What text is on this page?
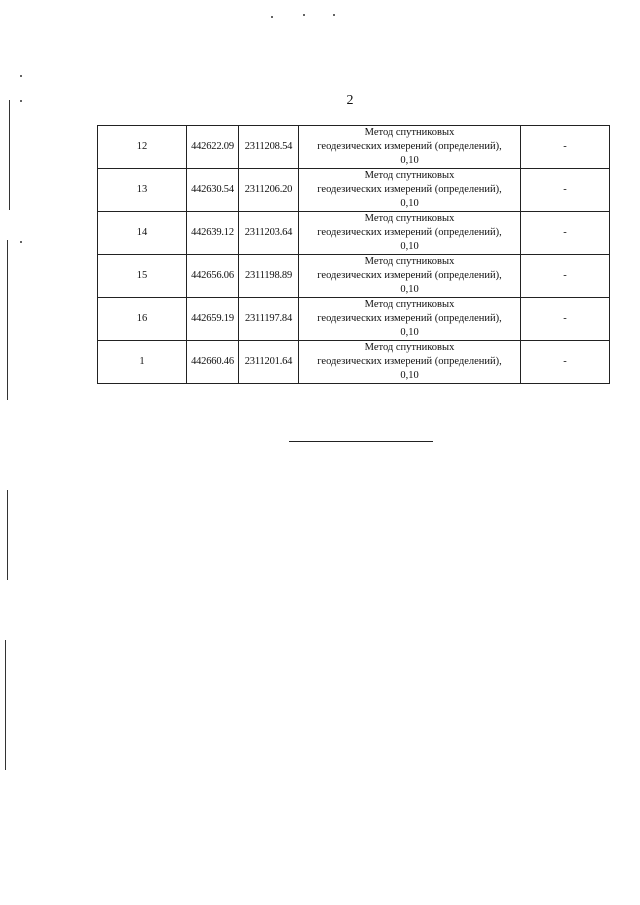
2
12	442622.09	2311208.54	Метод спутниковых
геодезических измерений (определений),
0,10	-
13	442630.54	2311206.20	Метод спутниковых
геодезических измерений (определений),
0,10	-
14	442639.12	2311203.64	Метод спутниковых
геодезических измерений (определений),
0,10	-
15	442656.06	2311198.89	Метод спутниковых
геодезических измерений (определений),
0,10	-
16	442659.19	2311197.84	Метод спутниковых
геодезических измерений (определений),
0,10	-
1	442660.46	2311201.64	Метод спутниковых
геодезических измерений (определений),
0,10	-
